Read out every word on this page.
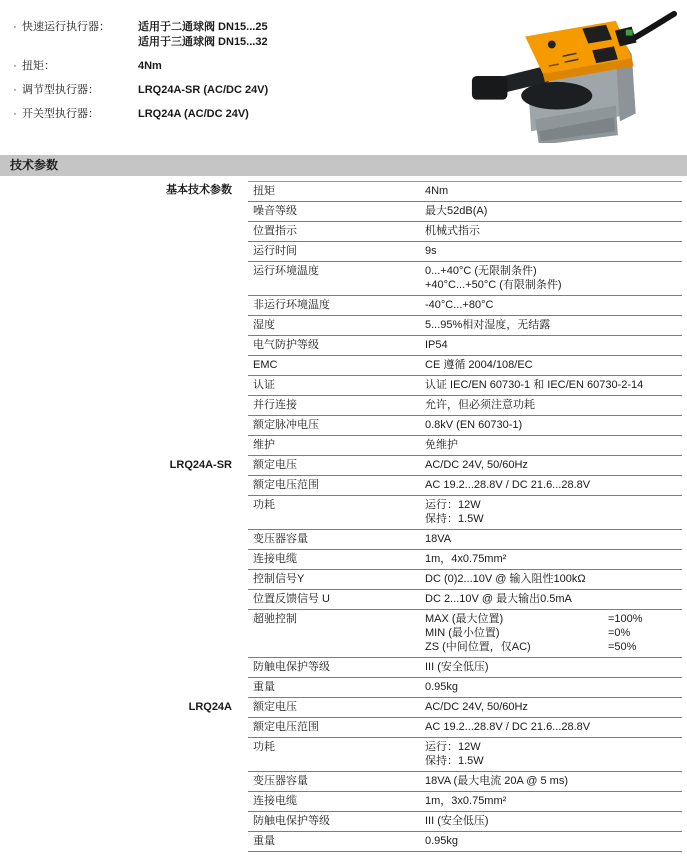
· 快速运行执行器：	适用于二通球阀 DN15...25
适用于三通球阀 DN15...32
· 扭矩：	4Nm
· 调节型执行器：	LRQ24A-SR (AC/DC 24V)
· 开关型执行器：	LRQ24A (AC/DC 24V)
技术参数
基本技术参数	扭矩	4Nm
噪音等级	最大52dB(A)
位置指示	机械式指示
运行时间	9s
运行环境温度	0...+40°C (无限制条件)
+40°C...+50°C (有限制条件)
非运行环境温度	-40°C...+80°C
湿度	5...95%相对湿度，无结露
电气防护等级	IP54
EMC	CE 遵循 2004/108/EC
认证	认证 IEC/EN 60730-1 和 IEC/EN 60730-2-14
并行连接	允许，但必须注意功耗
额定脉冲电压	0.8kV (EN 60730-1)
维护	免维护
LRQ24A-SR	额定电压	AC/DC 24V, 50/60Hz
额定电压范围	AC 19.2...28.8V / DC 21.6...28.8V
功耗	运行：12W
保持：1.5W
变压器容量	18VA
连接电缆	1m，4x0.75mm²
控制信号Y	DC (0)2...10V @ 输入阻性100kΩ
位置反馈信号 U	DC 2...10V @ 最大输出0.5mA
超驰控制	MAX (最大位置)	=100%
MIN (最小位置)	=0%
ZS (中间位置，仅AC)	=50%
防触电保护等级	III (安全低压)
重量	0.95kg
LRQ24A	额定电压	AC/DC 24V, 50/60Hz
额定电压范围	AC 19.2...28.8V / DC 21.6...28.8V
功耗	运行：12W
保持：1.5W
变压器容量	18VA (最大电流 20A @ 5 ms)
连接电缆	1m，3x0.75mm²
防触电保护等级	III (安全低压)
重量	0.95kg
